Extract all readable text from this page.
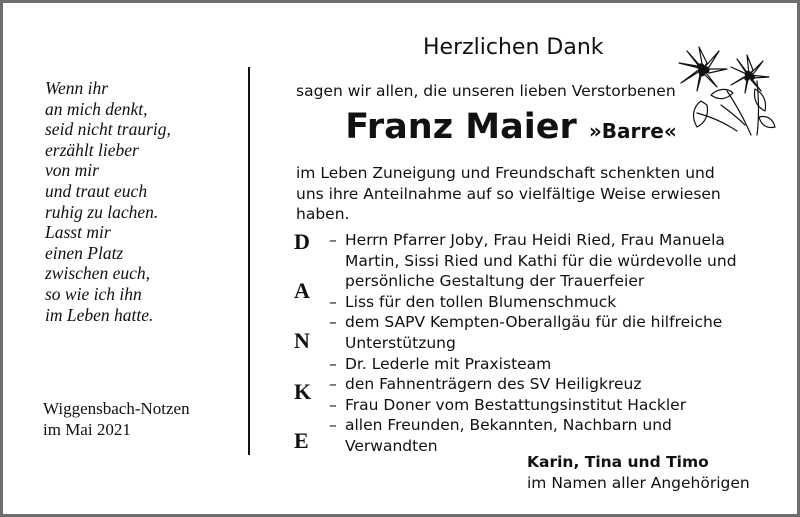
Wenn ihr
an mich denkt,
seid nicht traurig,
erzählt lieber
von mir
und traut euch
ruhig zu lachen.
Lasst mir
einen Platz
zwischen euch,
so wie ich ihn
im Leben hatte.
Wiggensbach-Notzen
im Mai 2021
Herzlichen Dank
sagen wir allen, die unseren lieben Verstorbenen
Franz Maier »Barre«
im Leben Zuneigung und Freundschaft schenkten und
uns ihre Anteilnahme auf so vielfältige Weise erwiesen
haben.
D
A
N
K
E
– Herrn Pfarrer Joby, Frau Heidi Ried, Frau Manuela
Martin, Sissi Ried und Kathi für die würdevolle und
persönliche Gestaltung der Trauerfeier
– Liss für den tollen Blumenschmuck
– dem SAPV Kempten-Oberallgäu für die hilfreiche
Unterstützung
– Dr. Lederle mit Praxisteam
– den Fahnenträgern des SV Heiligkreuz
– Frau Doner vom Bestattungsinstitut Hackler
– allen Freunden, Bekannten, Nachbarn und
Verwandten
Karin, Tina und Timo
im Namen aller Angehörigen
